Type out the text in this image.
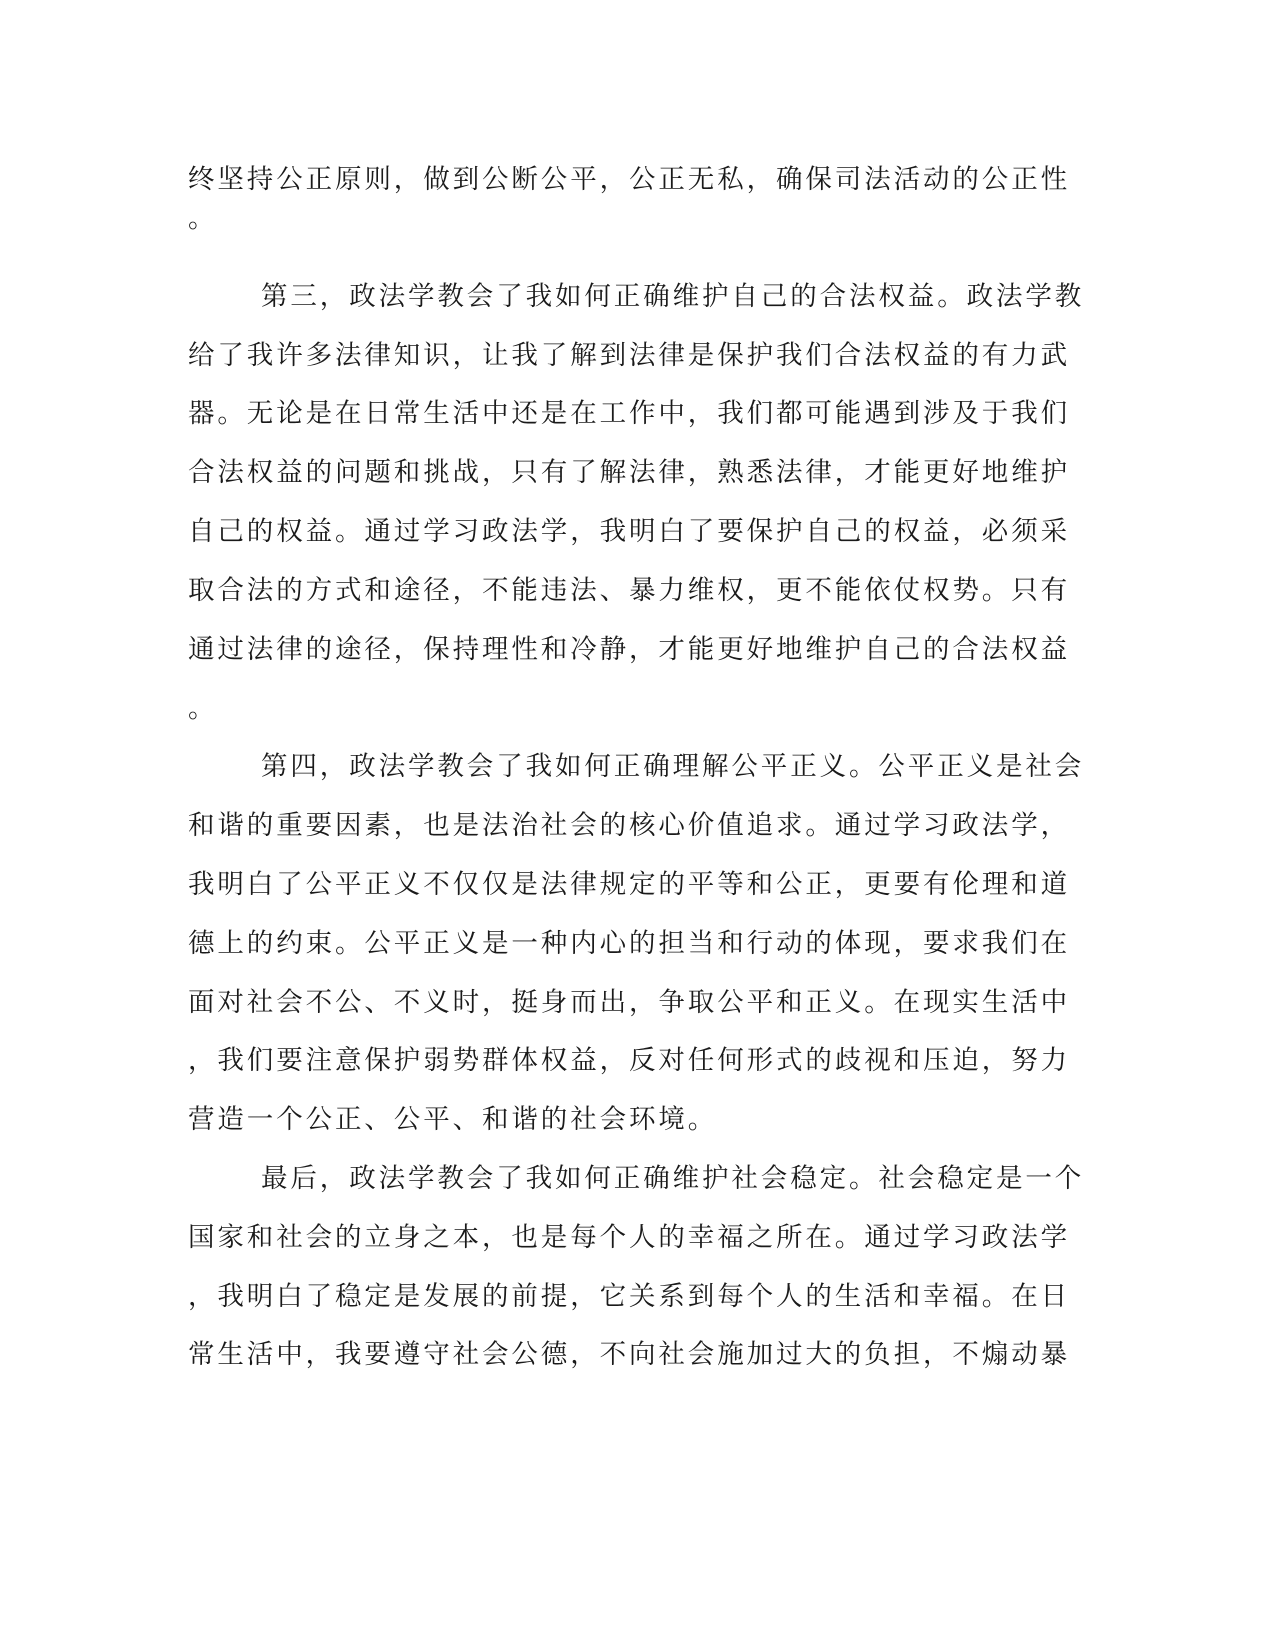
终坚持公正原则，做到公断公平，公正无私，确保司法活动的公正性
。
第三，政法学教会了我如何正确维护自己的合法权益。政法学教
给了我许多法律知识，让我了解到法律是保护我们合法权益的有力武
器。无论是在日常生活中还是在工作中，我们都可能遇到涉及于我们
合法权益的问题和挑战，只有了解法律，熟悉法律，才能更好地维护
自己的权益。通过学习政法学，我明白了要保护自己的权益，必须采
取合法的方式和途径，不能违法、暴力维权，更不能依仗权势。只有
通过法律的途径，保持理性和冷静，才能更好地维护自己的合法权益
。
第四，政法学教会了我如何正确理解公平正义。公平正义是社会
和谐的重要因素，也是法治社会的核心价值追求。通过学习政法学，
我明白了公平正义不仅仅是法律规定的平等和公正，更要有伦理和道
德上的约束。公平正义是一种内心的担当和行动的体现，要求我们在
面对社会不公、不义时，挺身而出，争取公平和正义。在现实生活中
，我们要注意保护弱势群体权益，反对任何形式的歧视和压迫，努力
营造一个公正、公平、和谐的社会环境。
最后，政法学教会了我如何正确维护社会稳定。社会稳定是一个
国家和社会的立身之本，也是每个人的幸福之所在。通过学习政法学
，我明白了稳定是发展的前提，它关系到每个人的生活和幸福。在日
常生活中，我要遵守社会公德，不向社会施加过大的负担，不煽动暴
